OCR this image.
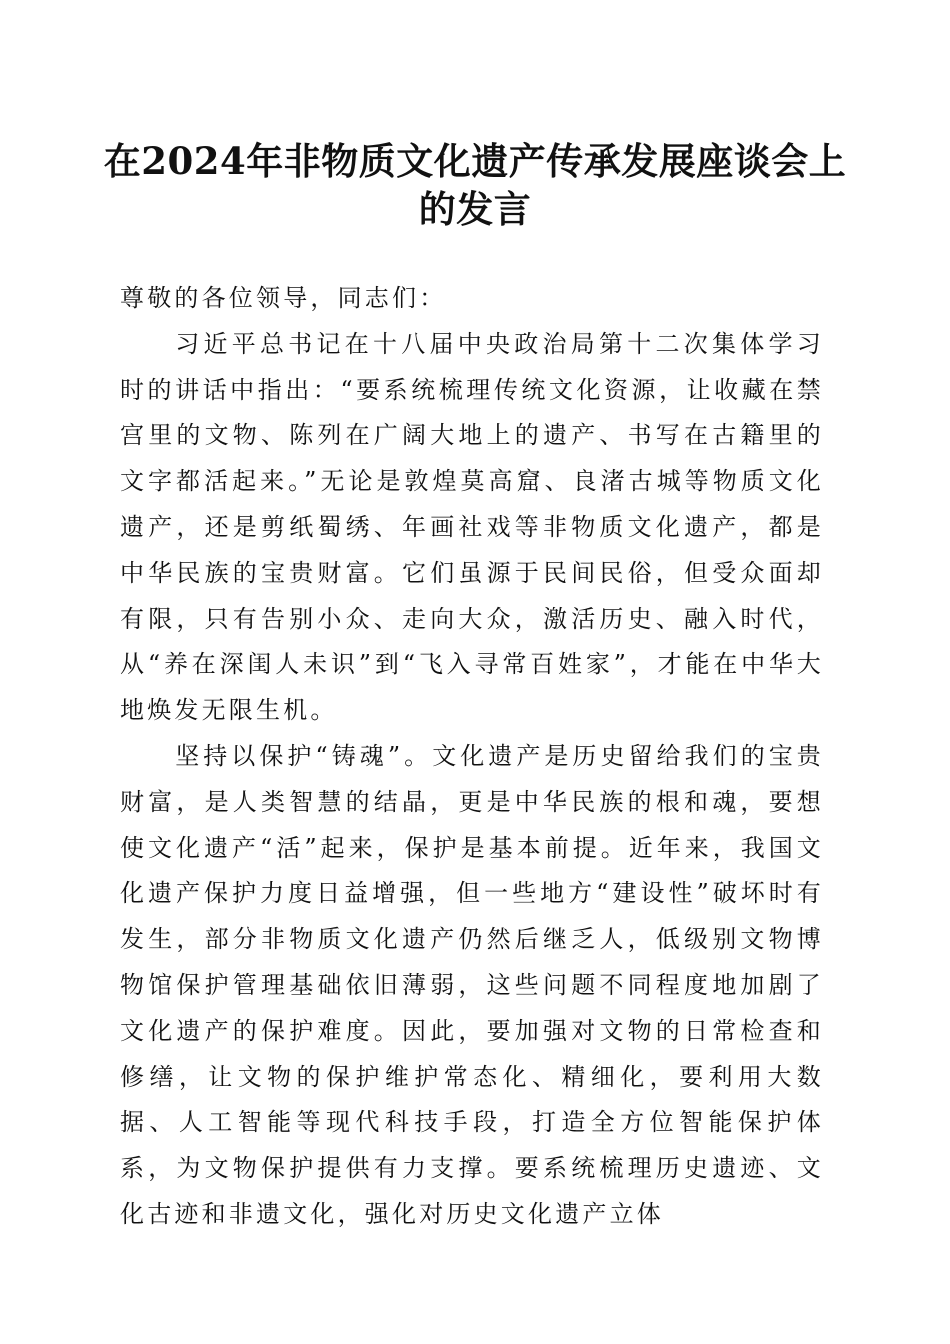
在2024年非物质文化遗产传承发展座谈会上
的发言

尊敬的各位领导，同志们：

习近平总书记在十八届中央政治局第十二次集体学习时的讲话中指出：“要系统梳理传统文化资源，让收藏在禁宫里的文物、陈列在广阔大地上的遗产、书写在古籍里的文字都活起来。”无论是敦煌莫高窟、良渚古城等物质文化遗产，还是剪纸蜀绣、年画社戏等非物质文化遗产，都是中华民族的宝贵财富。它们虽源于民间民俗，但受众面却有限，只有告别小众、走向大众，激活历史、融入时代，从“养在深闺人未识”到“飞入寻常百姓家”，才能在中华大地焕发无限生机。

坚持以保护“铸魂”。文化遗产是历史留给我们的宝贵财富，是人类智慧的结晶，更是中华民族的根和魂，要想使文化遗产“活”起来，保护是基本前提。近年来，我国文化遗产保护力度日益增强，但一些地方“建设性”破坏时有发生，部分非物质文化遗产仍然后继乏人，低级别文物博物馆保护管理基础依旧薄弱，这些问题不同程度地加剧了文化遗产的保护难度。因此，要加强对文物的日常检查和修缮，让文物的保护维护常态化、精细化，要利用大数据、人工智能等现代科技手段，打造全方位智能保护体系，为文物保护提供有力支撑。要系统梳理历史遗迹、文化古迹和非遗文化，强化对历史文化遗产立体
